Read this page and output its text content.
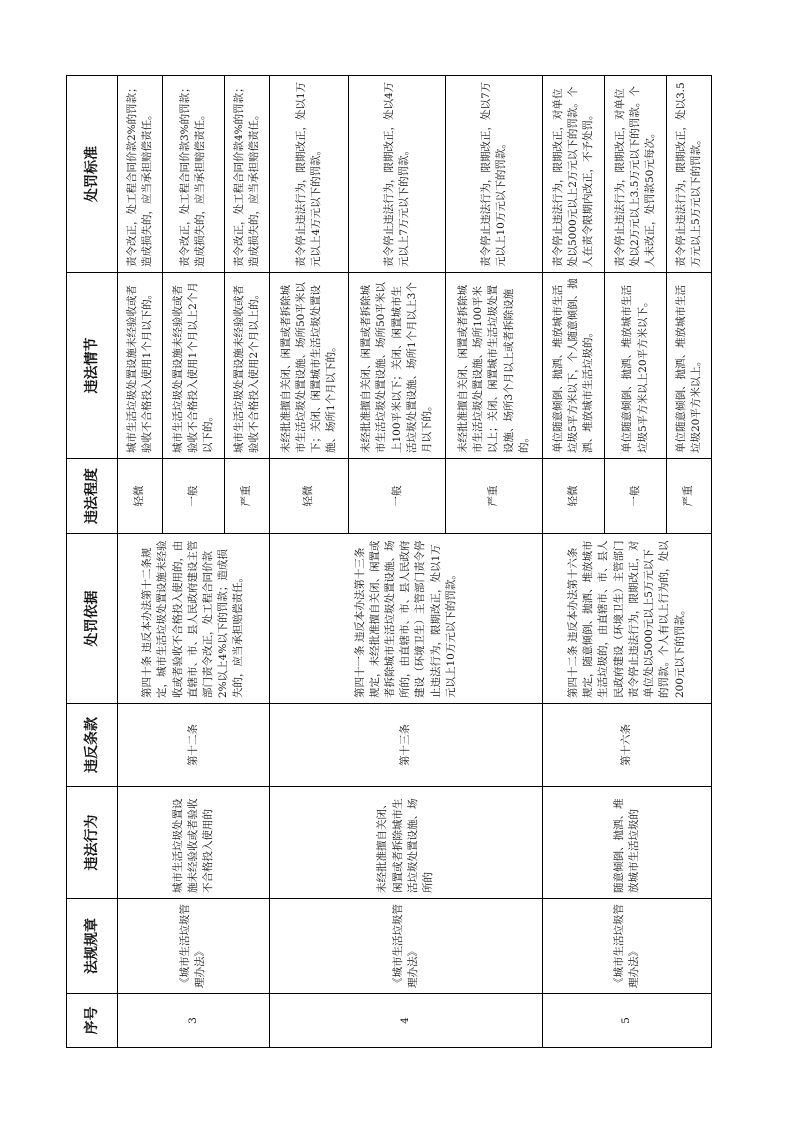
序号	法规规章	违法行为	违反条款	处罚依据	违法程度	违法情节	处罚标准
3	《城市生活垃圾管理办法》	城市生活垃圾处置设施未经验收或者验收不合格投入使用的	第十二条	第四十条 违反本办法第十二条规定，城市生活垃圾处置设施未经验收或者验收不合格投入使用的，由直辖市、市、县人民政府建设主管部门责令改正，处工程合同价款2%以上4%以下的罚款；造成损失的，应当承担赔偿责任。	轻微	城市生活垃圾处置设施未经验收或者验收不合格投入使用1个月以下的。	责令改正，处工程合同价款2%的罚款；造成损失的，应当承担赔偿责任。
					一般	城市生活垃圾处置设施未经验收或者验收不合格投入使用1个月以上2个月以下的。	责令改正，处工程合同价款3%的罚款；造成损失的，应当承担赔偿责任。
					严重	城市生活垃圾处置设施未经验收或者验收不合格投入使用2个月以上的。	责令改正，处工程合同价款4%的罚款；造成损失的，应当承担赔偿责任。
4	《城市生活垃圾管理办法》	未经批准擅自关闭、闲置或者拆除城市生活垃圾处置设施、场所的	第十三条	第四十一条 违反本办法第十三条规定，未经批准擅自关闭、闲置或者拆除城市生活垃圾处置设施、场所的，由直辖市、市、县人民政府建设（环境卫生）主管部门责令停止违法行为，限期改正，处以1万元以上10万元以下的罚款。	轻微	未经批准擅自关闭、闲置或者拆除城市生活垃圾处置设施、场所50平米以下；关闭、闲置城市生活垃圾处置设施、场所1个月以下的。	责令停止违法行为，限期改正，处以1万元以上4万元以下的罚款。
					一般	未经批准擅自关闭、闲置或者拆除城市生活垃圾处置设施、场所50平米以上100平米以下；关闭、闲置城市生活垃圾处置设施、场所1个月以上3个月以下的。	责令停止违法行为，限期改正，处以4万元以上7万元以下的罚款。
					严重	未经批准擅自关闭、闲置或者拆除城市生活垃圾处置设施、场所100平米以上；关闭、闲置城市生活垃圾处置设施、场所3个月以上或者拆除设施的。	责令停止违法行为，限期改正，处以7万元以上10万元以下的罚款。
5	《城市生活垃圾管理办法》	随意倾倒、抛洒、堆放城市生活垃圾的	第十六条	第四十二条 违反本办法第十六条规定，随意倾倒、抛洒、堆放城市生活垃圾的，由直辖市、市、县人民政府建设（环境卫生）主管部门责令停止违法行为，限期改正，对单位处以5000元以上5万元以下的罚款。个人有以上行为的，处以200元以下的罚款。	轻微	单位随意倾倒、抛洒、堆放城市生活垃圾5平方米以下，个人随意倾倒、抛洒、堆放城市生活垃圾的。	责令停止违法行为，限期改正，对单位处以5000元以上2万元以下的罚款。个人在责令限期内改正，不予处罚。
					一般	单位随意倾倒、抛洒、堆放城市生活垃圾5平方米以上20平方米以下。	责令停止违法行为，限期改正，对单位处以2万元以上3.5万元以下的罚款。个人未改正，处罚款50元每次。
					严重	单位随意倾倒、抛洒、堆放城市生活垃圾20平方米以上。	责令停止违法行为，限期改正，处以3.5万元以上5万元以下的罚款。
